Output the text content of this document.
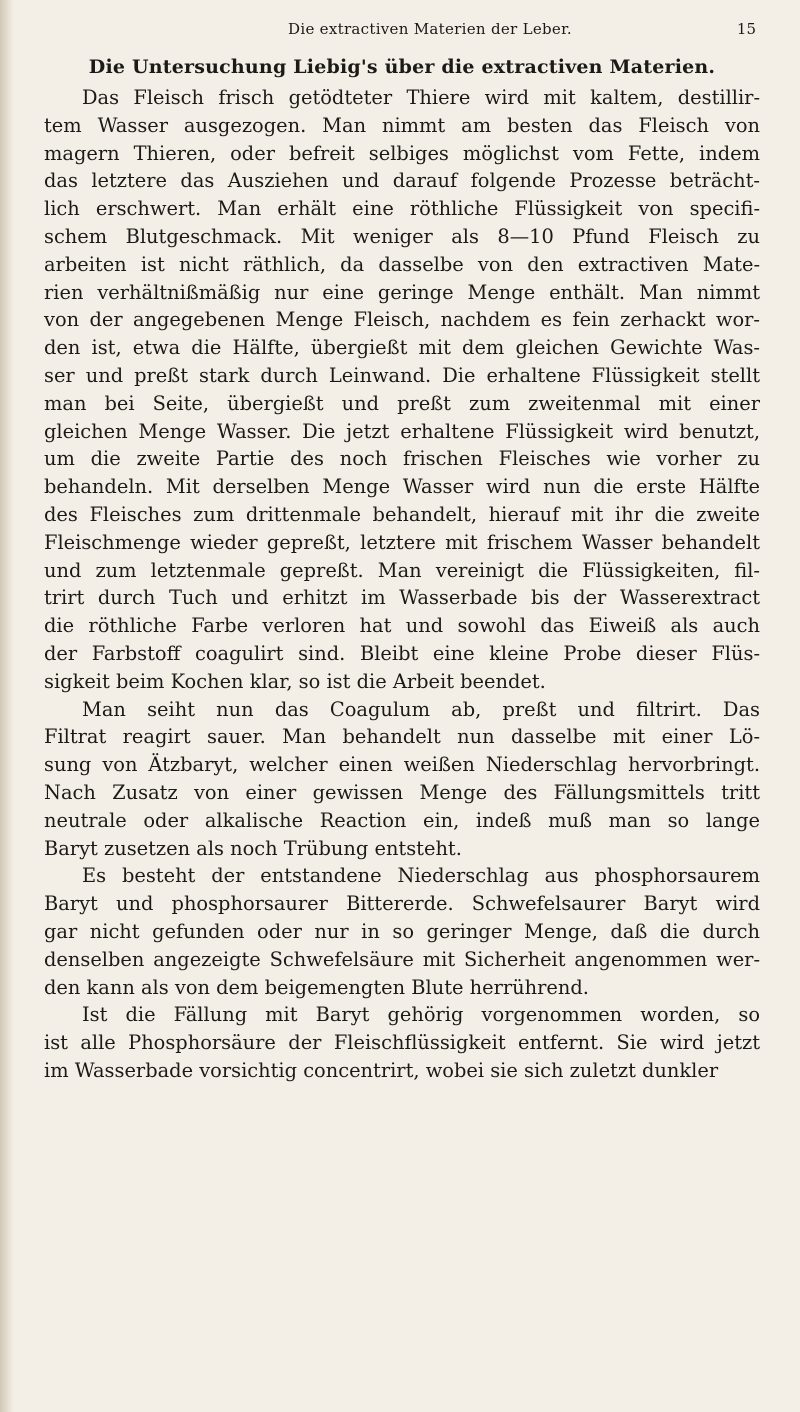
Die extractiven Materien der Leber.	15
Die Untersuchung Liebig's über die extractiven Materien.
Das Fleisch frisch getödteter Thiere wird mit kaltem, destillir-
tem Wasser ausgezogen. Man nimmt am besten das Fleisch von
magern Thieren, oder befreit selbiges möglichst vom Fette, indem
das letztere das Ausziehen und darauf folgende Prozesse beträcht-
lich erschwert. Man erhält eine röthliche Flüssigkeit von specifi-
schem Blutgeschmack. Mit weniger als 8—10 Pfund Fleisch zu
arbeiten ist nicht räthlich, da dasselbe von den extractiven Mate-
rien verhältnißmäßig nur eine geringe Menge enthält. Man nimmt
von der angegebenen Menge Fleisch, nachdem es fein zerhackt wor-
den ist, etwa die Hälfte, übergießt mit dem gleichen Gewichte Was-
ser und preßt stark durch Leinwand. Die erhaltene Flüssigkeit stellt
man bei Seite, übergießt und preßt zum zweitenmal mit einer
gleichen Menge Wasser. Die jetzt erhaltene Flüssigkeit wird benutzt,
um die zweite Partie des noch frischen Fleisches wie vorher zu
behandeln. Mit derselben Menge Wasser wird nun die erste Hälfte
des Fleisches zum drittenmale behandelt, hierauf mit ihr die zweite
Fleischmenge wieder gepreßt, letztere mit frischem Wasser behandelt
und zum letztenmale gepreßt. Man vereinigt die Flüssigkeiten, fil-
trirt durch Tuch und erhitzt im Wasserbade bis der Wasserextract
die röthliche Farbe verloren hat und sowohl das Eiweiß als auch
der Farbstoff coagulirt sind. Bleibt eine kleine Probe dieser Flüs-
sigkeit beim Kochen klar, so ist die Arbeit beendet.
Man seiht nun das Coagulum ab, preßt und filtrirt. Das
Filtrat reagirt sauer. Man behandelt nun dasselbe mit einer Lö-
sung von Ätzbaryt, welcher einen weißen Niederschlag hervorbringt.
Nach Zusatz von einer gewissen Menge des Fällungsmittels tritt
neutrale oder alkalische Reaction ein, indeß muß man so lange
Baryt zusetzen als noch Trübung entsteht.
Es besteht der entstandene Niederschlag aus phosphorsaurem
Baryt und phosphorsaurer Bittererde. Schwefelsaurer Baryt wird
gar nicht gefunden oder nur in so geringer Menge, daß die durch
denselben angezeigte Schwefelsäure mit Sicherheit angenommen wer-
den kann als von dem beigemengten Blute herrührend.
Ist die Fällung mit Baryt gehörig vorgenommen worden, so
ist alle Phosphorsäure der Fleischflüssigkeit entfernt. Sie wird jetzt
im Wasserbade vorsichtig concentrirt, wobei sie sich zuletzt dunkler
